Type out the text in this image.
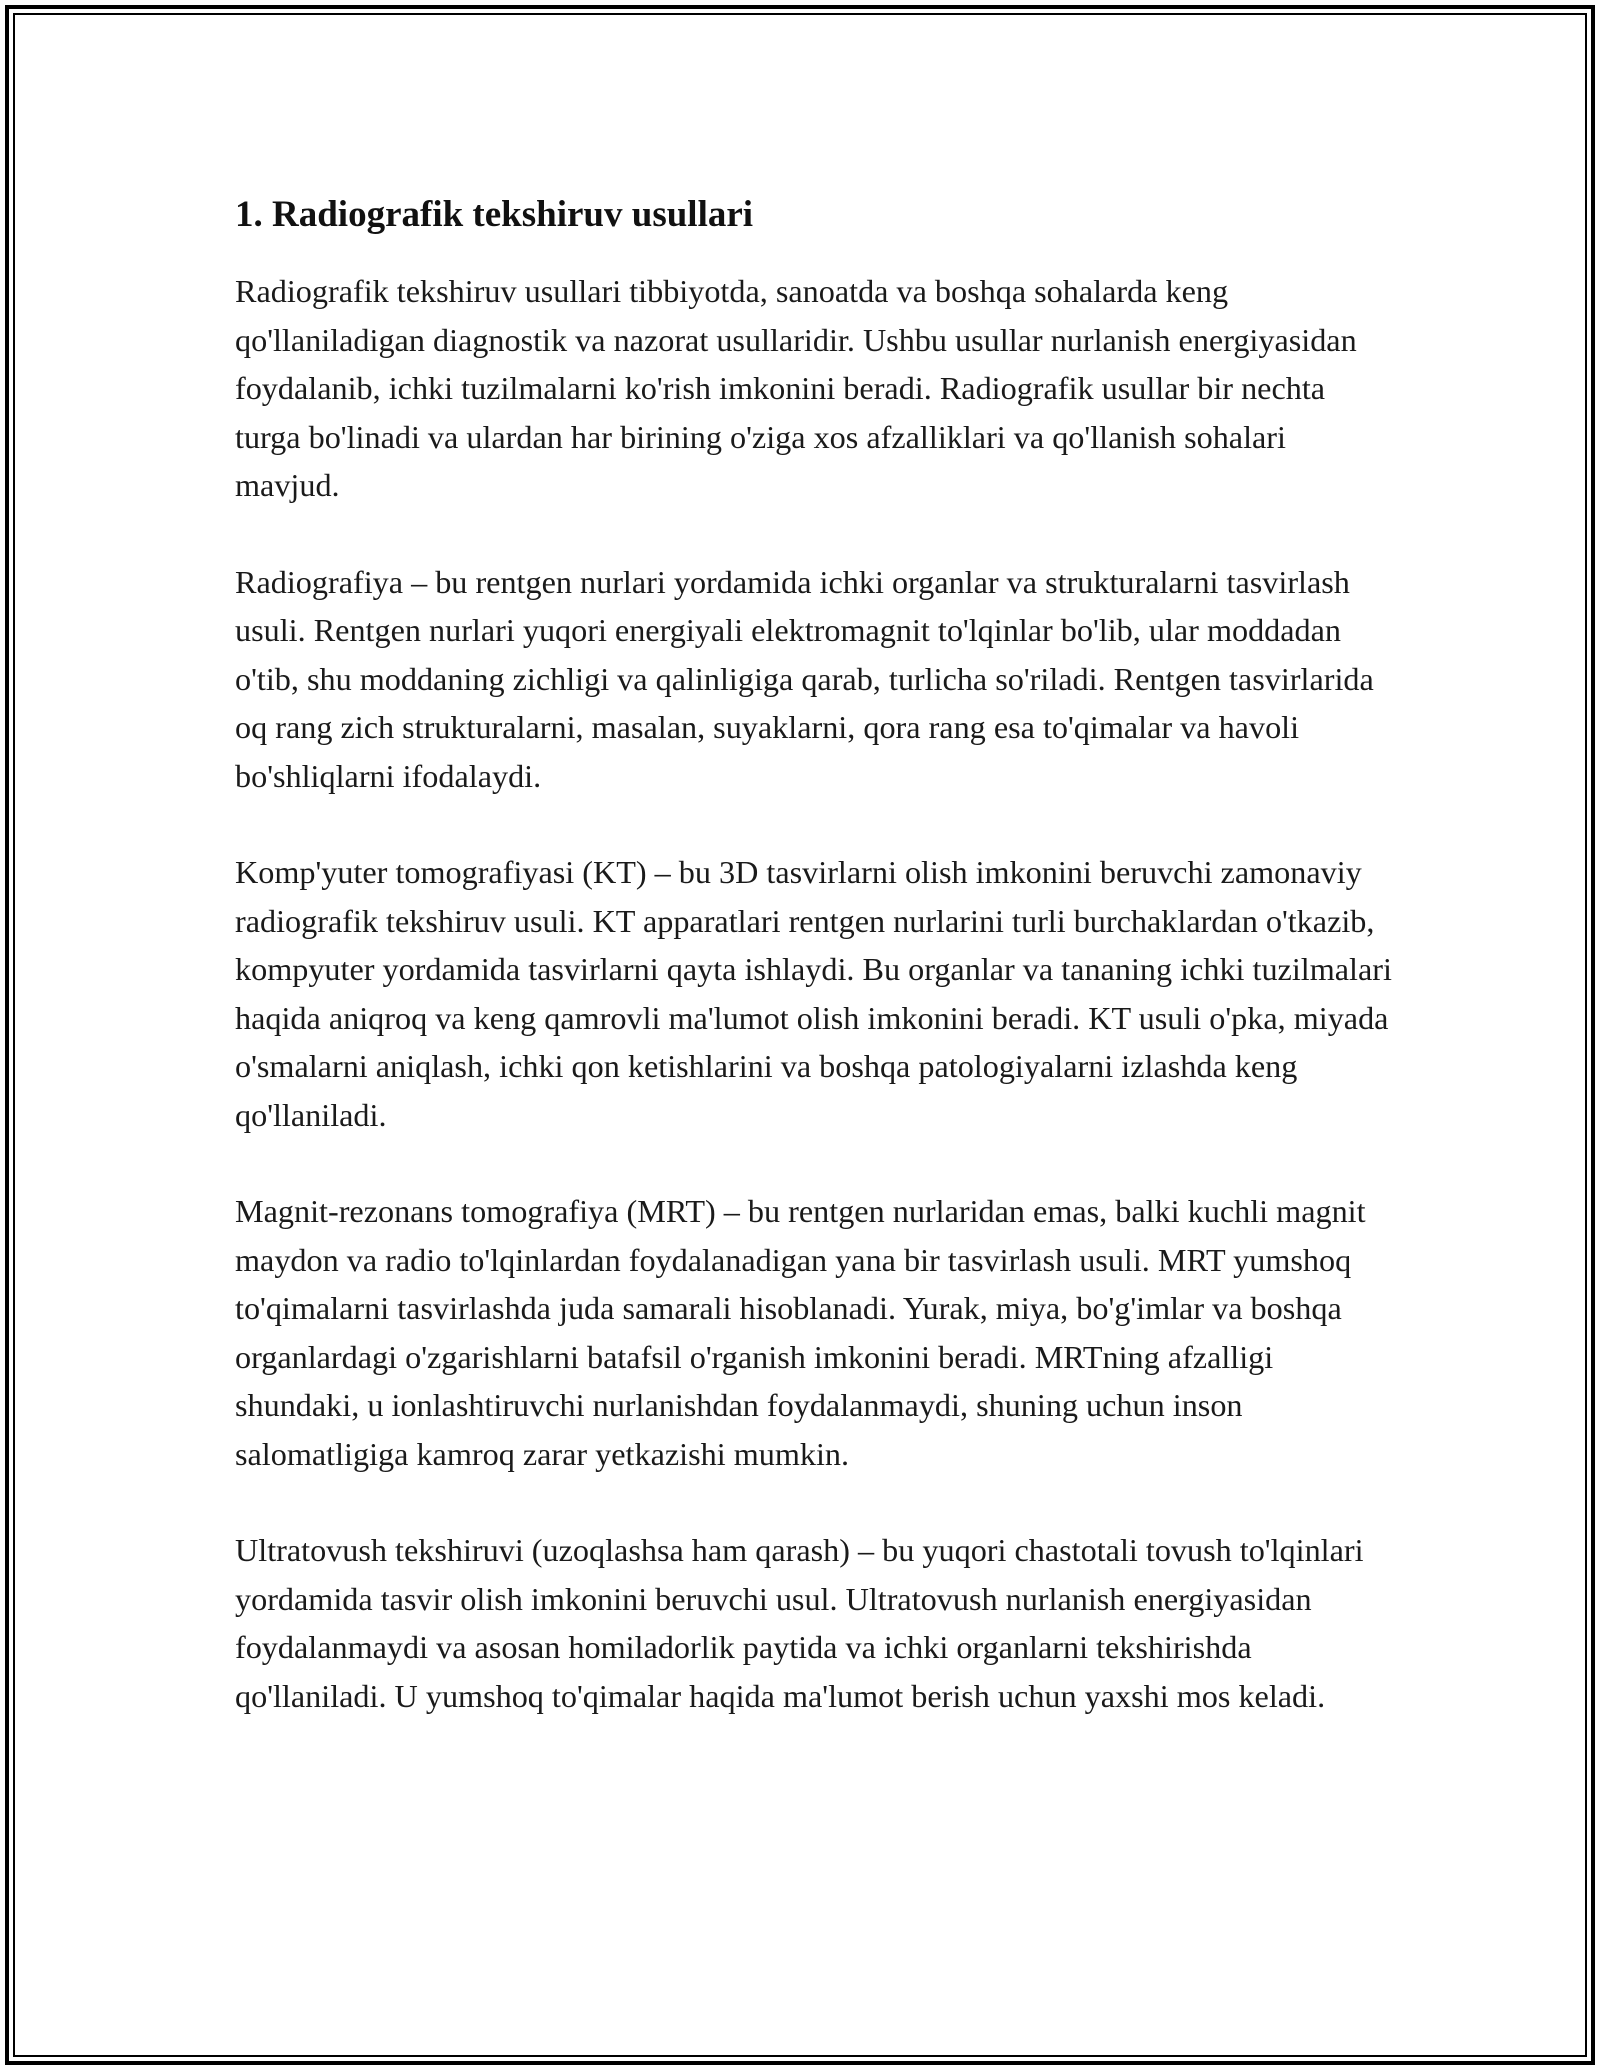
1. Radiografik tekshiruv usullari

Radiografik tekshiruv usullari tibbiyotda, sanoatda va boshqa sohalarda keng qo'llaniladigan diagnostik va nazorat usullaridir. Ushbu usullar nurlanish energiyasidan foydalanib, ichki tuzilmalarni ko'rish imkonini beradi. Radiografik usullar bir nechta turga bo'linadi va ulardan har birining o'ziga xos afzalliklari va qo'llanish sohalari mavjud.

Radiografiya – bu rentgen nurlari yordamida ichki organlar va strukturalarni tasvirlash usuli. Rentgen nurlari yuqori energiyali elektromagnit to'lqinlar bo'lib, ular moddadan o'tib, shu moddaning zichligi va qalinligiga qarab, turlicha so'riladi. Rentgen tasvirlarida oq rang zich strukturalarni, masalan, suyaklarni, qora rang esa to'qimalar va havoli bo'shliqlarni ifodalaydi.

Komp'yuter tomografiyasi (KT) – bu 3D tasvirlarni olish imkonini beruvchi zamonaviy radiografik tekshiruv usuli. KT apparatlari rentgen nurlarini turli burchaklardan o'tkazib, kompyuter yordamida tasvirlarni qayta ishlaydi. Bu organlar va tananing ichki tuzilmalari haqida aniqroq va keng qamrovli ma'lumot olish imkonini beradi. KT usuli o'pka, miyada o'smalarni aniqlash, ichki qon ketishlarini va boshqa patologiyalarni izlashda keng qo'llaniladi.

Magnit-rezonans tomografiya (MRT) – bu rentgen nurlaridan emas, balki kuchli magnit maydon va radio to'lqinlardan foydalanadigan yana bir tasvirlash usuli. MRT yumshoq to'qimalarni tasvirlashda juda samarali hisoblanadi. Yurak, miya, bo'g'imlar va boshqa organlardagi o'zgarishlarni batafsil o'rganish imkonini beradi. MRTning afzalligi shundaki, u ionlashtiruvchi nurlanishdan foydalanmaydi, shuning uchun inson salomatligiga kamroq zarar yetkazishi mumkin.

Ultratovush tekshiruvi (uzoqlashsa ham qarash) – bu yuqori chastotali tovush to'lqinlari yordamida tasvir olish imkonini beruvchi usul. Ultratovush nurlanish energiyasidan foydalanmaydi va asosan homiladorlik paytida va ichki organlarni tekshirishda qo'llaniladi. U yumshoq to'qimalar haqida ma'lumot berish uchun yaxshi mos keladi.
